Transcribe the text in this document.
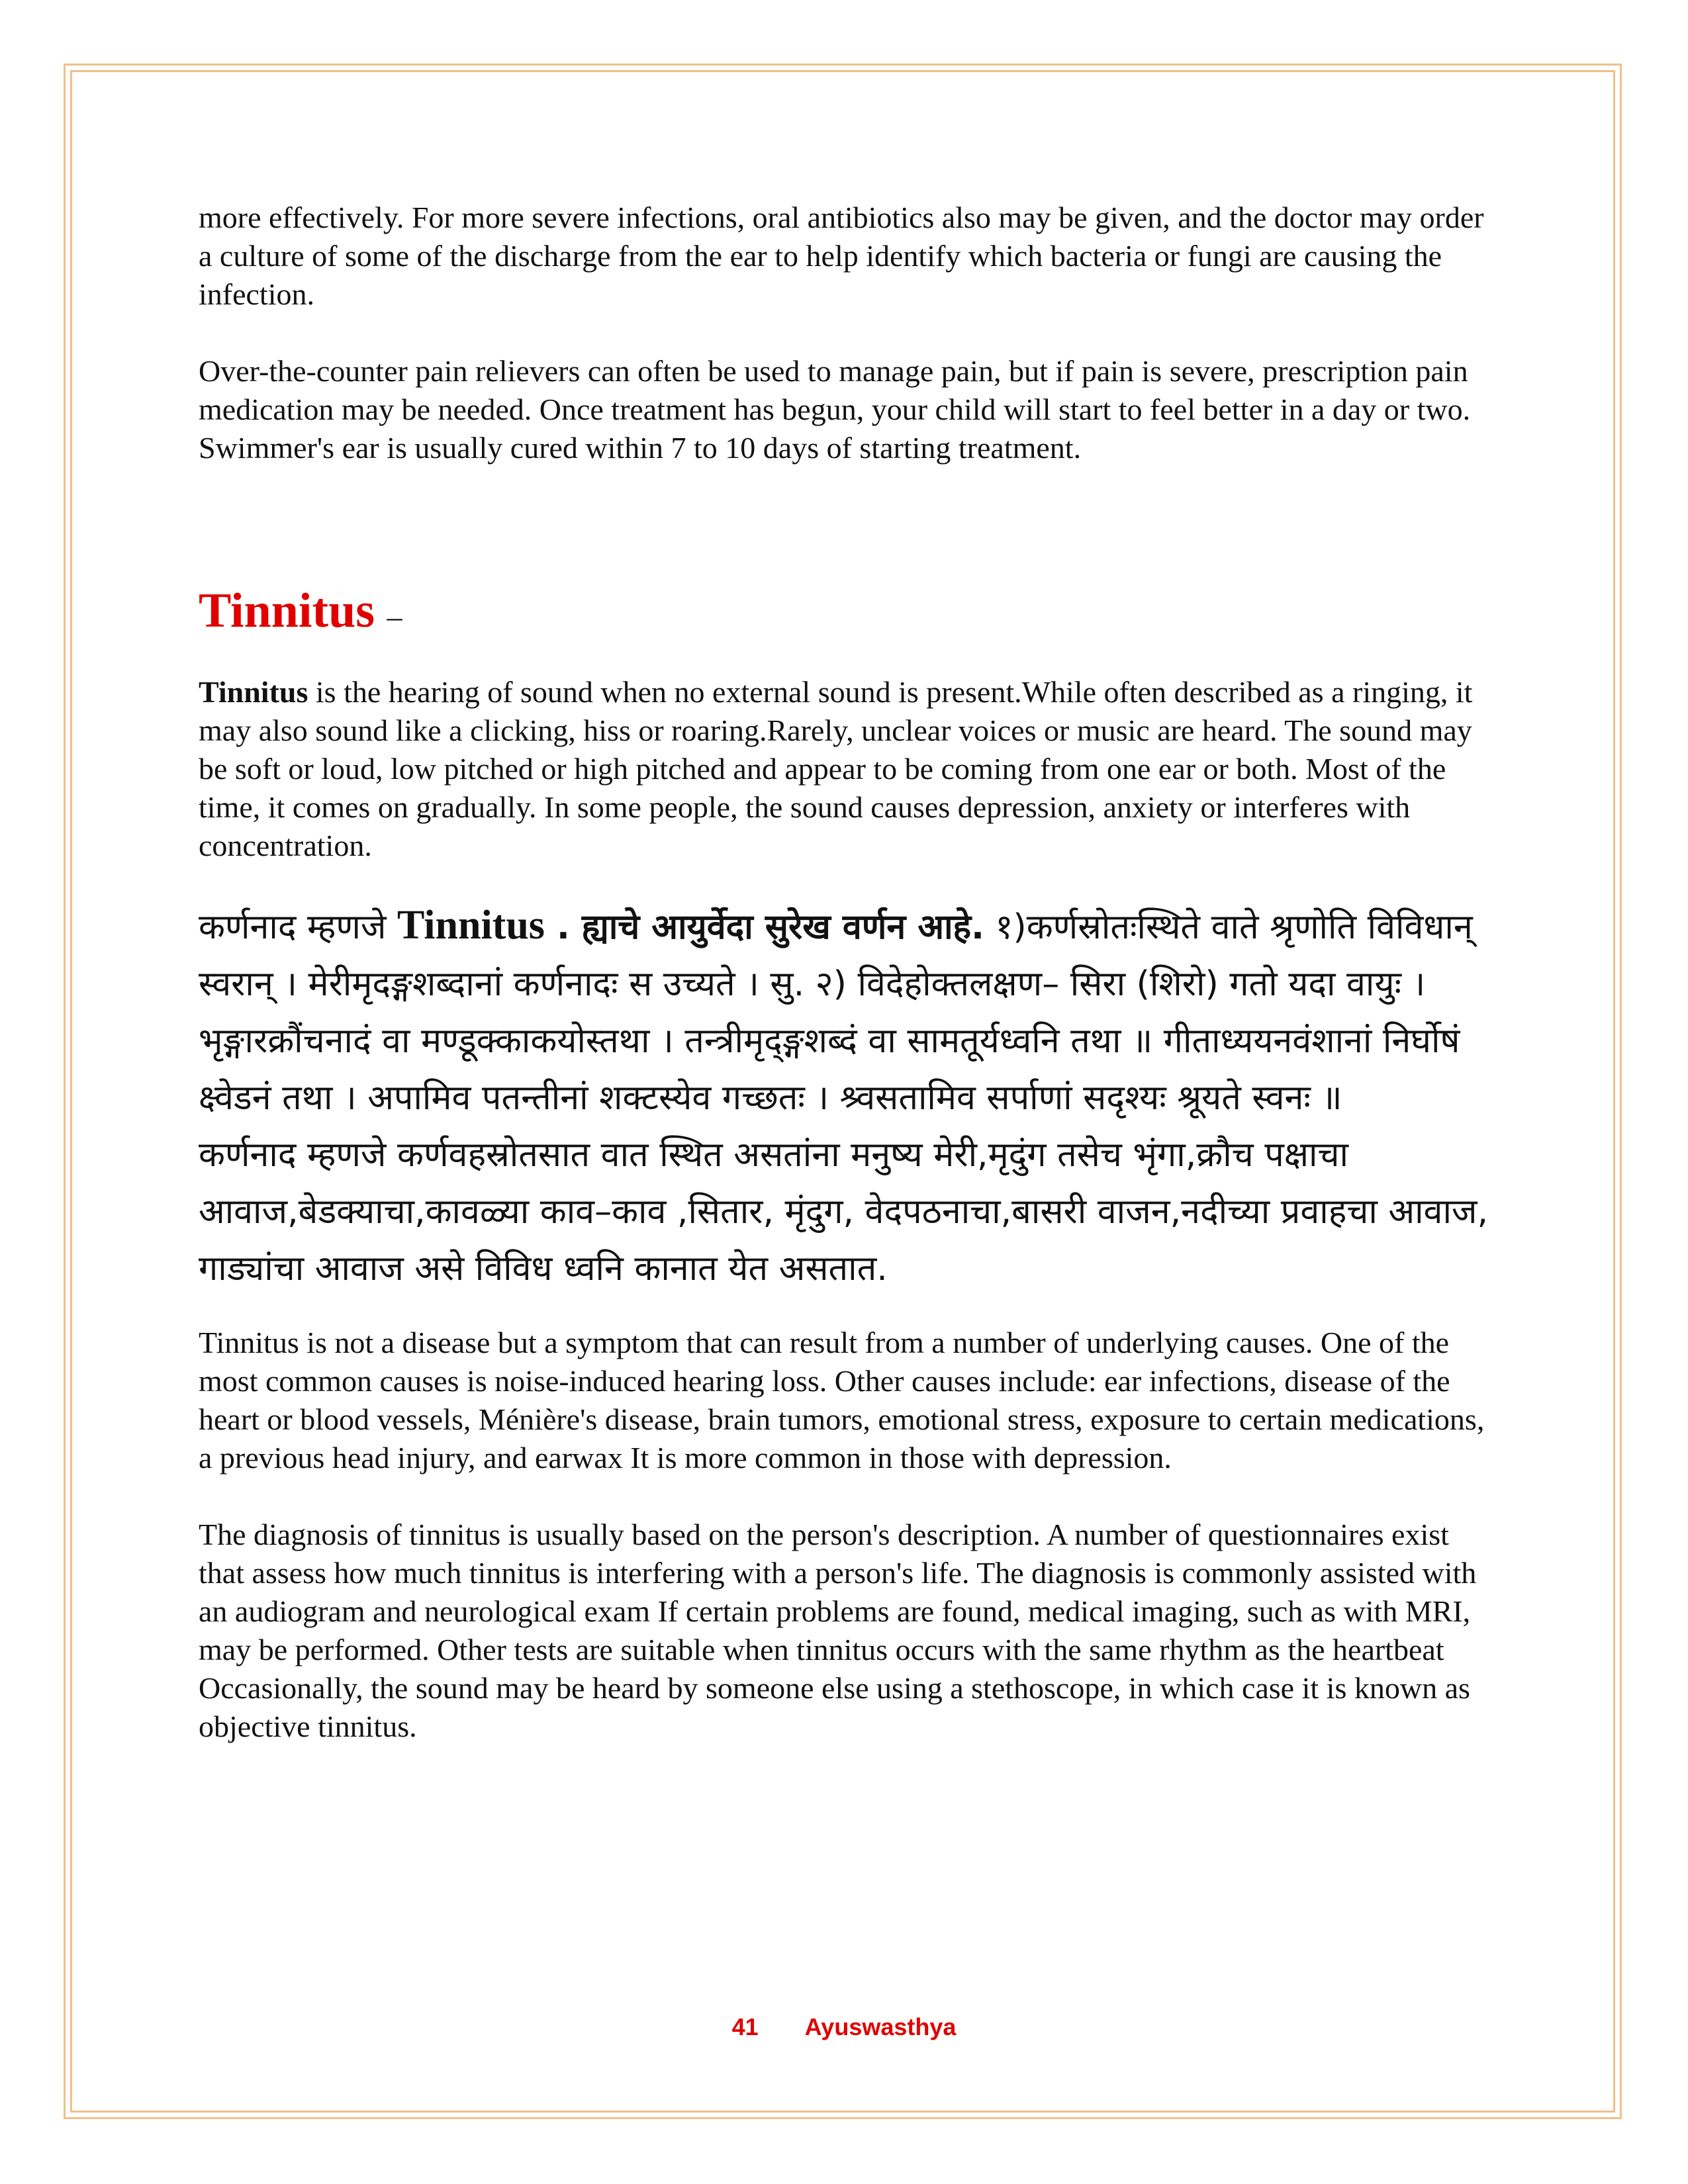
more effectively. For more severe infections, oral antibiotics also may be given, and the doctor may order a culture of some of the discharge from the ear to help identify which bacteria or fungi are causing the infection.

Over-the-counter pain relievers can often be used to manage pain, but if pain is severe, prescription pain medication may be needed. Once treatment has begun, your child will start to feel better in a day or two. Swimmer's ear is usually cured within 7 to 10 days of starting treatment.

Tinnitus –

Tinnitus is the hearing of sound when no external sound is present.While often described as a ringing, it may also sound like a clicking, hiss or roaring.Rarely, unclear voices or music are heard. The sound may be soft or loud, low pitched or high pitched and appear to be coming from one ear or both. Most of the time, it comes on gradually. In some people, the sound causes depression, anxiety or interferes with concentration.

कर्णनाद म्हणजे Tinnitus . ह्याचे आयुर्वेदा सुरेख वर्णन आहे. १)कर्णस्रोतःस्थिते वाते श्रृणोति विविधान् स्वरान् । मेरीमृदङ्गशब्दानां कर्णनादः स उच्यते । सु. २) विदेहोक्तलक्षण– सिरा (शिरो) गतो यदा वायुः । भृङ्गारक्रौंचनादं वा मण्डूक्काकयोस्तथा । तन्त्रीमृद्ङ्गशब्दं वा सामतूर्यध्वनि तथा ॥ गीताध्ययनवंशानां निर्घोषं क्ष्वेडनं तथा । अपामिव पतन्तीनां शक्टस्येव गच्छतः । श्र्वसतामिव सर्पाणां सदृश्यः श्रूयते स्वनः ॥

कर्णनाद म्हणजे कर्णवहस्रोतसात वात स्थित असतांना मनुष्य मेरी,मृदुंग तसेच भृंगा,क्रौच पक्षाचा आवाज,बेडक्याचा,कावळ्या काव–काव ,सितार, मृंदुग, वेदपठनाचा,बासरी वाजन,नदीच्या प्रवाहचा आवाज, गाड्यांचा आवाज असे विविध ध्वनि कानात येत असतात.

Tinnitus is not a disease but a symptom that can result from a number of underlying causes. One of the most common causes is noise-induced hearing loss. Other causes include: ear infections, disease of the heart or blood vessels, Ménière's disease, brain tumors, emotional stress, exposure to certain medications, a previous head injury, and earwax It is more common in those with depression.

The diagnosis of tinnitus is usually based on the person's description. A number of questionnaires exist that assess how much tinnitus is interfering with a person's life. The diagnosis is commonly assisted with an audiogram and neurological exam If certain problems are found, medical imaging, such as with MRI, may be performed. Other tests are suitable when tinnitus occurs with the same rhythm as the heartbeat Occasionally, the sound may be heard by someone else using a stethoscope, in which case it is known as objective tinnitus.

41 Ayuswasthya
